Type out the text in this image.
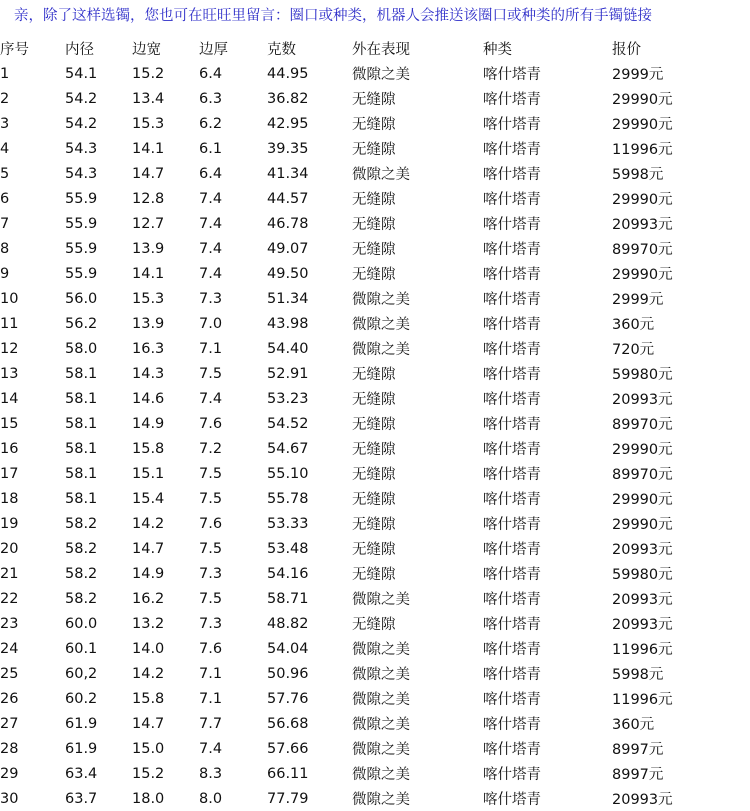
亲，除了这样选镯，您也可在旺旺里留言：圈口或种类，机器人会推送该圈口或种类的所有手镯链接
序号	内径	边宽	边厚	克数	外在表现	种类	报价
1	54.1	15.2	6.4	44.95	微隙之美	喀什塔青	2999元
2	54.2	13.4	6.3	36.82	无缝隙	喀什塔青	29990元
3	54.2	15.3	6.2	42.95	无缝隙	喀什塔青	29990元
4	54.3	14.1	6.1	39.35	无缝隙	喀什塔青	11996元
5	54.3	14.7	6.4	41.34	微隙之美	喀什塔青	5998元
6	55.9	12.8	7.4	44.57	无缝隙	喀什塔青	29990元
7	55.9	12.7	7.4	46.78	无缝隙	喀什塔青	20993元
8	55.9	13.9	7.4	49.07	无缝隙	喀什塔青	89970元
9	55.9	14.1	7.4	49.50	无缝隙	喀什塔青	29990元
10	56.0	15.3	7.3	51.34	微隙之美	喀什塔青	2999元
11	56.2	13.9	7.0	43.98	微隙之美	喀什塔青	360元
12	58.0	16.3	7.1	54.40	微隙之美	喀什塔青	720元
13	58.1	14.3	7.5	52.91	无缝隙	喀什塔青	59980元
14	58.1	14.6	7.4	53.23	无缝隙	喀什塔青	20993元
15	58.1	14.9	7.6	54.52	无缝隙	喀什塔青	89970元
16	58.1	15.8	7.2	54.67	无缝隙	喀什塔青	29990元
17	58.1	15.1	7.5	55.10	无缝隙	喀什塔青	89970元
18	58.1	15.4	7.5	55.78	无缝隙	喀什塔青	29990元
19	58.2	14.2	7.6	53.33	无缝隙	喀什塔青	29990元
20	58.2	14.7	7.5	53.48	无缝隙	喀什塔青	20993元
21	58.2	14.9	7.3	54.16	无缝隙	喀什塔青	59980元
22	58.2	16.2	7.5	58.71	微隙之美	喀什塔青	20993元
23	60.0	13.2	7.3	48.82	无缝隙	喀什塔青	20993元
24	60.1	14.0	7.6	54.04	微隙之美	喀什塔青	11996元
25	60,2	14.2	7.1	50.96	微隙之美	喀什塔青	5998元
26	60.2	15.8	7.1	57.76	微隙之美	喀什塔青	11996元
27	61.9	14.7	7.7	56.68	微隙之美	喀什塔青	360元
28	61.9	15.0	7.4	57.66	微隙之美	喀什塔青	8997元
29	63.4	15.2	8.3	66.11	微隙之美	喀什塔青	8997元
30	63.7	18.0	8.0	77.79	微隙之美	喀什塔青	20993元
